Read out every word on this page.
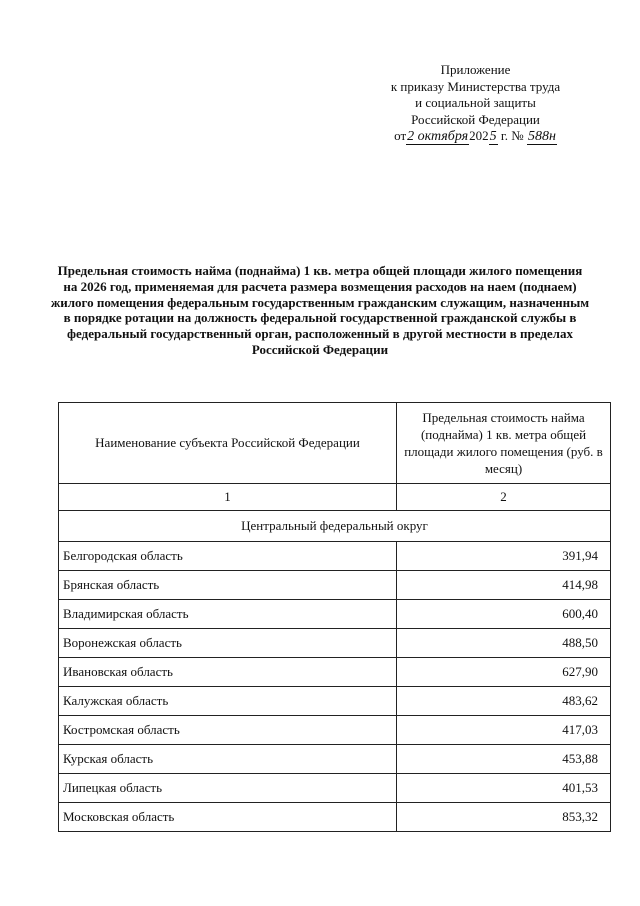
Приложение
к приказу Министерства труда
и социальной защиты
Российской Федерации
от2 октября2025 г. № 588н
Предельная стоимость найма (поднайма) 1 кв. метра общей площади жилого помещения на 2026 год, применяемая для расчета размера возмещения расходов на наем (поднаем) жилого помещения федеральным государственным гражданским служащим, назначенным в порядке ротации на должность федеральной государственной гражданской службы в федеральный государственный орган, расположенный в другой местности в пределах Российской Федерации
Наименование субъекта Российской Федерации	Предельная стоимость найма (поднайма) 1 кв. метра общей площади жилого помещения (руб. в месяц)
1	2
Центральный федеральный округ	
Белгородская область	391,94
Брянская область	414,98
Владимирская область	600,40
Воронежская область	488,50
Ивановская область	627,90
Калужская область	483,62
Костромская область	417,03
Курская область	453,88
Липецкая область	401,53
Московская область	853,32
